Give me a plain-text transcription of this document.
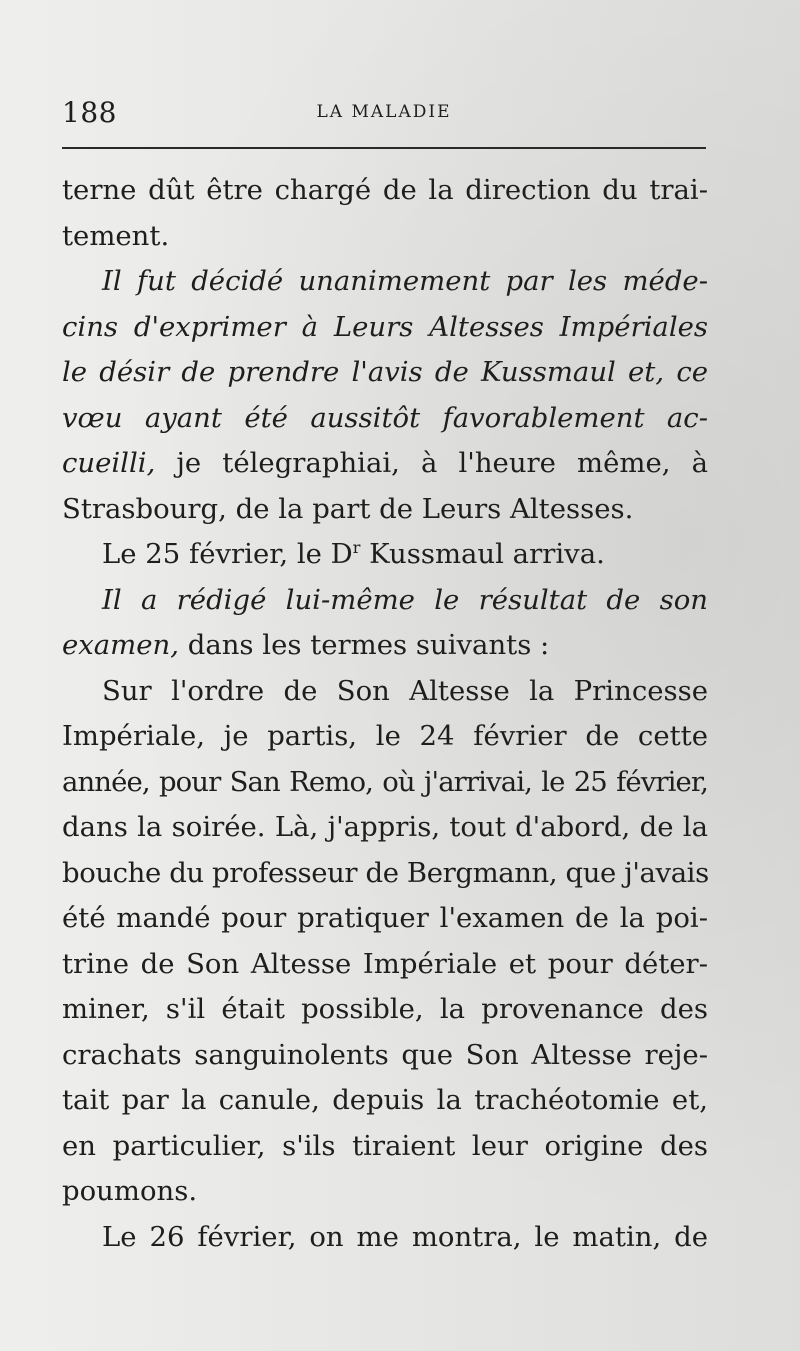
188	LA MALADIE
terne dût être chargé de la direction du trai-
tement.
Il fut décidé unanimement par les méde-
cins d'exprimer à Leurs Altesses Impériales
le désir de prendre l'avis de Kussmaul et, ce
vœu ayant été aussitôt favorablement ac-
cueilli, je télegraphiai, à l'heure même, à
Strasbourg, de la part de Leurs Altesses.
Le 25 février, le $D^r$ Kussmaul arriva.
Il a rédigé lui-même le résultat de son
examen, dans les termes suivants :
Sur l'ordre de Son Altesse la Princesse
Impériale, je partis, le 24 février de cette
année, pour San Remo, où j'arrivai, le 25 février,
dans la soirée. Là, j'appris, tout d'abord, de la
bouche du professeur de Bergmann, que j'avais
été mandé pour pratiquer l'examen de la poi-
trine de Son Altesse Impériale et pour déter-
miner, s'il était possible, la provenance des
crachats sanguinolents que Son Altesse reje-
tait par la canule, depuis la trachéotomie et,
en particulier, s'ils tiraient leur origine des
poumons.
Le 26 février, on me montra, le matin, de
